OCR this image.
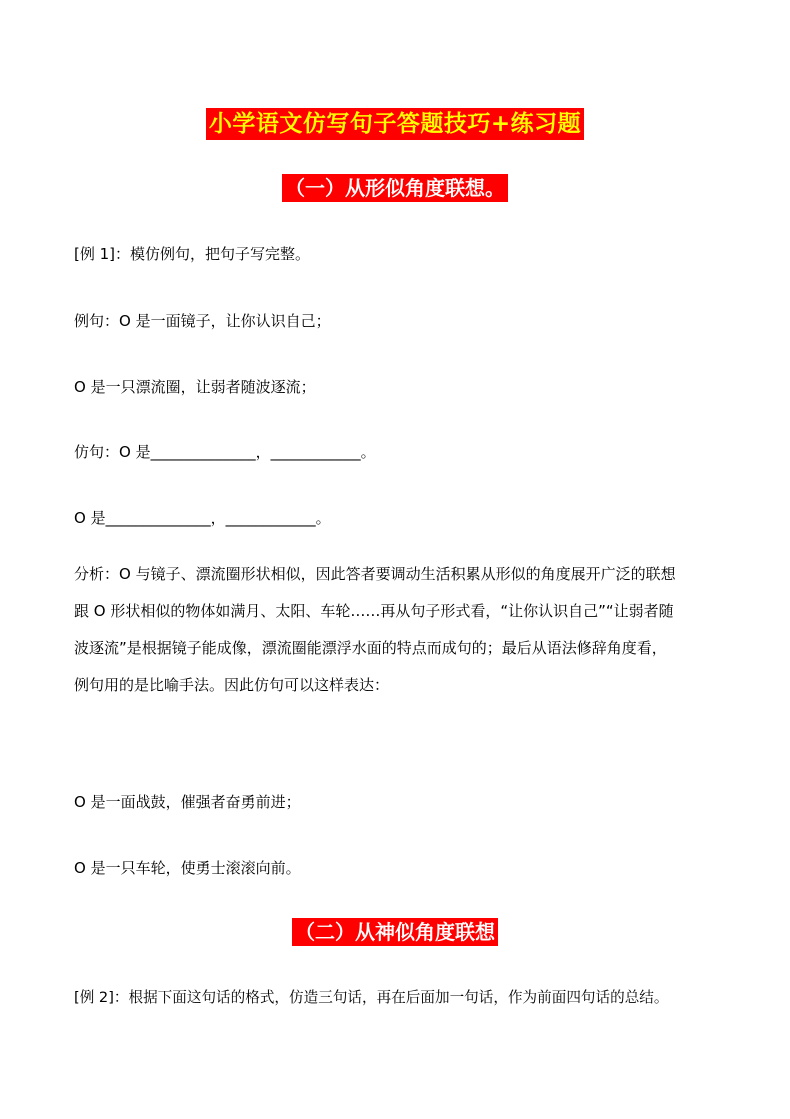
小学语文仿写句子答题技巧+练习题
（一）从形似角度联想。
[例 1]：模仿例句，把句子写完整。
例句：O 是一面镜子，让你认识自己；
O 是一只漂流圈，让弱者随波逐流；
仿句：O 是______________，____________。
O 是______________，____________。
分析：O 与镜子、漂流圈形状相似，因此答者要调动生活积累从形似的角度展开广泛的联想
跟 O 形状相似的物体如满月、太阳、车轮……再从句子形式看，“让你认识自己”“让弱者随
波逐流”是根据镜子能成像，漂流圈能漂浮水面的特点而成句的；最后从语法修辞角度看，
例句用的是比喻手法。因此仿句可以这样表达：
O 是一面战鼓，催强者奋勇前进；
O 是一只车轮，使勇士滚滚向前。
（二）从神似角度联想
[例 2]：根据下面这句话的格式，仿造三句话，再在后面加一句话，作为前面四句话的总结。
